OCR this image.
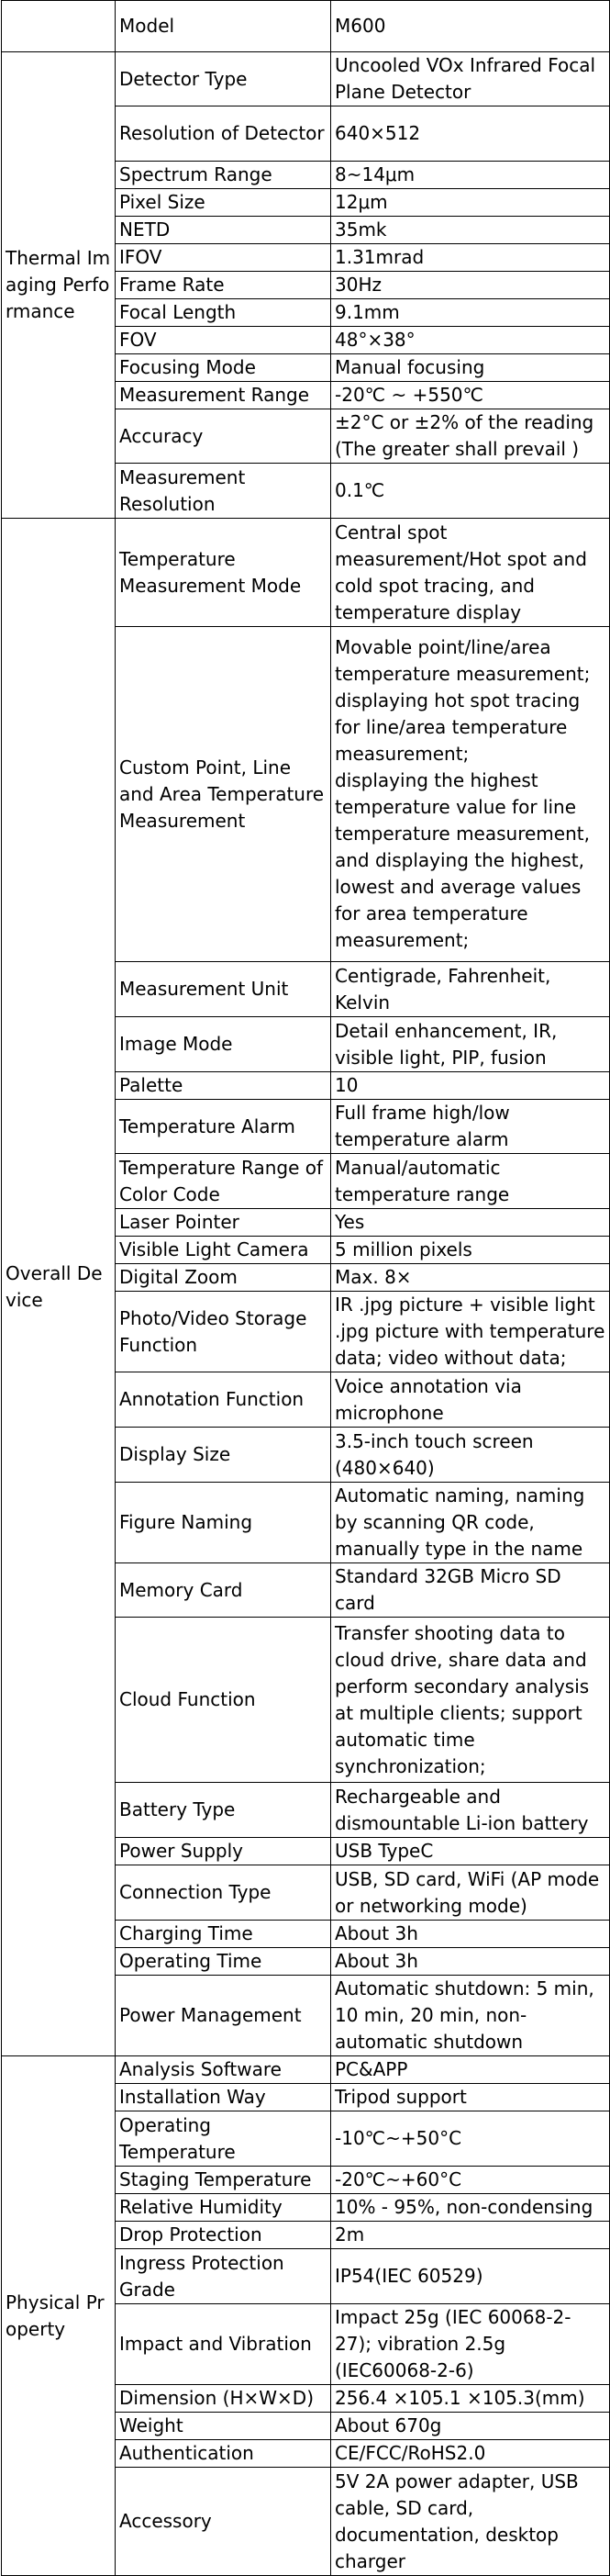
	Model	M600
Thermal Imaging Performance	Detector Type	Uncooled VOx Infrared Focal Plane Detector
	Resolution of Detector	640×512
	Spectrum Range	8~14μm
	Pixel Size	12μm
	NETD	35mk
	IFOV	1.31mrad
	Frame Rate	30Hz
	Focal Length	9.1mm
	FOV	48°×38°
	Focusing Mode	Manual focusing
	Measurement Range	-20℃ ~ +550℃
	Accuracy	±2°C or ±2% of the reading
(The greater shall prevail )
	Measurement Resolution	0.1℃
Overall Device	Temperature Measurement Mode	Central spot measurement/Hot spot and cold spot tracing, and temperature display
	Custom Point, Line and Area Temperature Measurement	Movable point/line/area temperature measurement; displaying hot spot tracing for line/area temperature measurement;
displaying the highest temperature value for line temperature measurement, and displaying the highest, lowest and average values for area temperature measurement;
	Measurement Unit	Centigrade, Fahrenheit, Kelvin
	Image Mode	Detail enhancement, IR, visible light, PIP, fusion
	Palette	10
	Temperature Alarm	Full frame high/low temperature alarm
	Temperature Range of Color Code	Manual/automatic temperature range
	Laser Pointer	Yes
	Visible Light Camera	5 million pixels
	Digital Zoom	Max. 8×
	Photo/Video Storage Function	IR .jpg picture + visible light .jpg picture with temperature data; video without data;
	Annotation Function	Voice annotation via microphone
	Display Size	3.5-inch touch screen (480×640)
	Figure Naming	Automatic naming, naming by scanning QR code, manually type in the name
	Memory Card	Standard 32GB Micro SD card
	Cloud Function	Transfer shooting data to cloud drive, share data and perform secondary analysis at multiple clients; support automatic time synchronization;
	Battery Type	Rechargeable and dismountable Li-ion battery
	Power Supply	USB TypeC
	Connection Type	USB, SD card, WiFi (AP mode or networking mode)
	Charging Time	About 3h
	Operating Time	About 3h
	Power Management	Automatic shutdown: 5 min, 10 min, 20 min, non-automatic shutdown
Physical Property	Analysis Software	PC&APP
	Installation Way	Tripod support
	Operating Temperature	-10℃~+50°C
	Staging Temperature	-20℃~+60°C
	Relative Humidity	10% - 95%, non-condensing
	Drop Protection	2m
	Ingress Protection Grade	IP54(IEC 60529)
	Impact and Vibration	Impact 25g (IEC 60068-2-27); vibration 2.5g (IEC60068-2-6)
	Dimension (H×W×D)	256.4 ×105.1 ×105.3(mm)
	Weight	About 670g
	Authentication	CE/FCC/RoHS2.0
	Accessory	5V 2A power adapter, USB cable, SD card, documentation, desktop charger
